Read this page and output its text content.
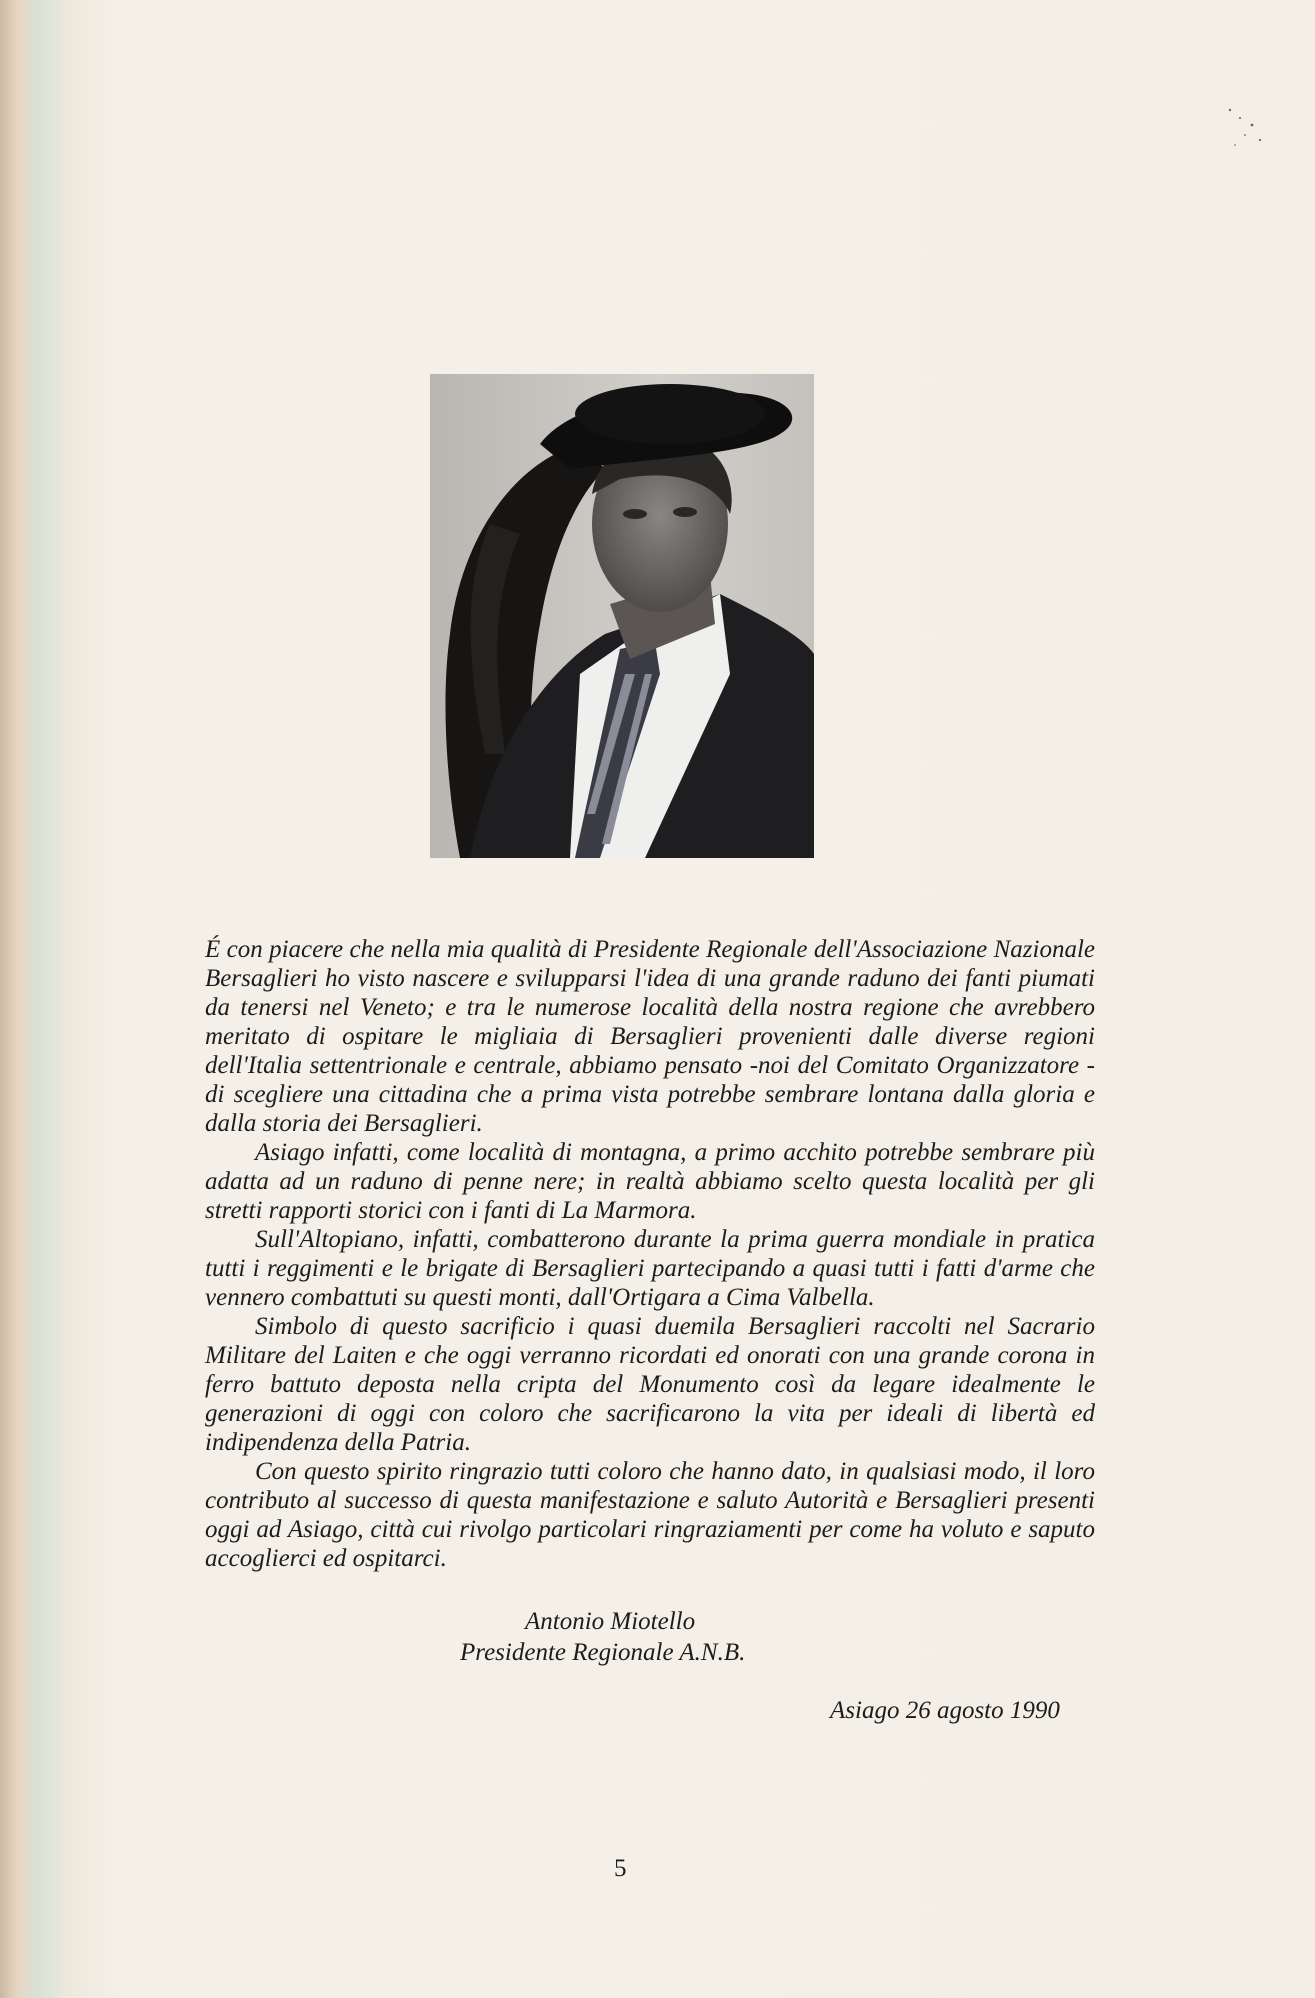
É con piacere che nella mia qualità di Presidente Regionale dell'Associazione Nazionale Bersaglieri ho visto nascere e svilupparsi l'idea di una grande raduno dei fanti piumati da tenersi nel Veneto; e tra le numerose località della nostra regione che avrebbero meritato di ospitare le migliaia di Bersaglieri provenienti dalle diverse regioni dell'Italia settentrionale e centrale, abbiamo pensato -noi del Comitato Organizzatore - di scegliere una cittadina che a prima vista potrebbe sembrare lontana dalla gloria e dalla storia dei Bersaglieri.

Asiago infatti, come località di montagna, a primo acchito potrebbe sembrare più adatta ad un raduno di penne nere; in realtà abbiamo scelto questa località per gli stretti rapporti storici con i fanti di La Marmora.

Sull'Altopiano, infatti, combatterono durante la prima guerra mondiale in pratica tutti i reggimenti e le brigate di Bersaglieri partecipando a quasi tutti i fatti d'arme che vennero combattuti su questi monti, dall'Ortigara a Cima Valbella.

Simbolo di questo sacrificio i quasi duemila Bersaglieri raccolti nel Sacrario Militare del Laiten e che oggi verranno ricordati ed onorati con una grande corona in ferro battuto deposta nella cripta del Monumento così da legare idealmente le generazioni di oggi con coloro che sacrificarono la vita per ideali di libertà ed indipendenza della Patria.

Con questo spirito ringrazio tutti coloro che hanno dato, in qualsiasi modo, il loro contributo al successo di questa manifestazione e saluto Autorità e Bersaglieri presenti oggi ad Asiago, città cui rivolgo particolari ringraziamenti per come ha voluto e saputo accoglierci ed ospitarci.

Antonio Miotello
Presidente Regionale A.N.B.
Asiago 26 agosto 1990
5
